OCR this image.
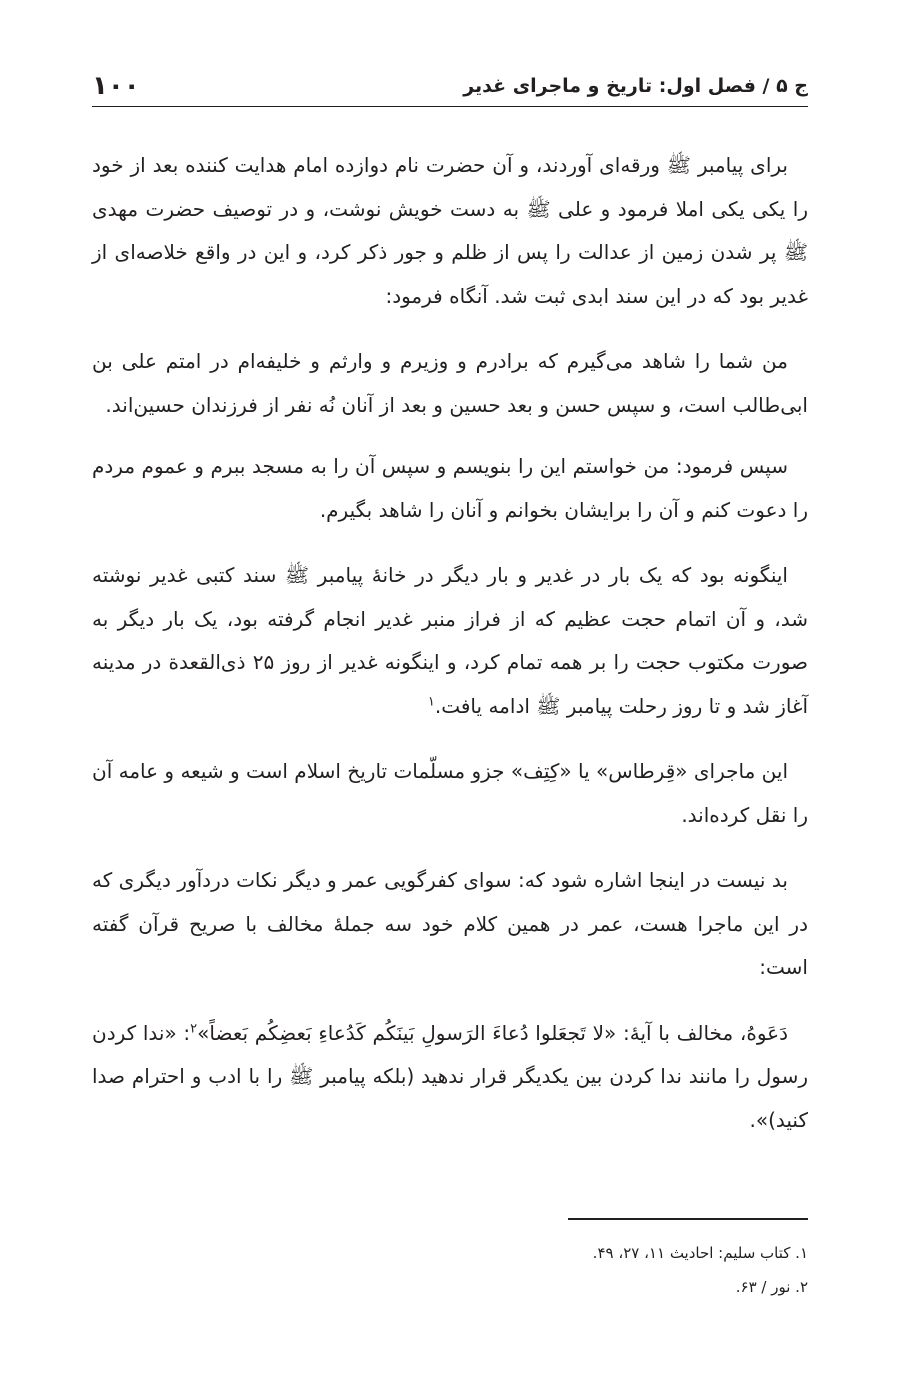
ج ۵ / فصل اول: تاریخ و ماجرای غدیر
۱۰۰

برای پیامبر ﷺ ورقه‌ای آوردند، و آن حضرت نام دوازده امام هدایت کننده بعد از خود را یکی یکی املا فرمود و علی ﷺ به دست خویش نوشت، و در توصیف حضرت مهدی ﷺ پر شدن زمین از عدالت را پس از ظلم و جور ذکر کرد، و این در واقع خلاصه‌ای از غدیر بود که در این سند ابدی ثبت شد. آنگاه فرمود:

من شما را شاهد می‌گیرم که برادرم و وزیرم و وارثم و خلیفه‌ام در امتم علی بن ابی‌طالب است، و سپس حسن و بعد حسین و بعد از آنان نُه نفر از فرزندان حسین‌اند.

سپس فرمود: من خواستم این را بنویسم و سپس آن را به مسجد ببرم و عموم مردم را دعوت کنم و آن را برایشان بخوانم و آنان را شاهد بگیرم.

اینگونه بود که یک بار در غدیر و بار دیگر در خانهٔ پیامبر ﷺ سند کتبی غدیر نوشته شد، و آن اتمام حجت عظیم که از فراز منبر غدیر انجام گرفته بود، یک بار دیگر به صورت مکتوب حجت را بر همه تمام کرد، و اینگونه غدیر از روز ۲۵ ذی‌القعدة در مدینه آغاز شد و تا روز رحلت پیامبر ﷺ ادامه یافت.$^۱$

این ماجرای «قِرطاس» یا «کِتِف» جزو مسلّمات تاریخ اسلام است و شیعه و عامه آن را نقل کرده‌اند.

بد نیست در اینجا اشاره شود که: سوای کفرگویی عمر و دیگر نکات دردآور دیگری که در این ماجرا هست، عمر در همین کلام خود سه جملهٔ مخالف با صریح قرآن گفته است:

دَعَوهُ، مخالف با آیهٔ: «لا تَجعَلوا دُعاءَ الرَسولِ بَینَکُم کَدُعاءِ بَعضِکُم بَعضاً»$^۲$: «ندا کردن رسول را مانند ندا کردن بین یکدیگر قرار ندهید (بلکه پیامبر ﷺ را با ادب و احترام صدا کنید)».

۱. کتاب سلیم: احادیث ۱۱، ۲۷، ۴۹.

۲. نور / ۶۳.
